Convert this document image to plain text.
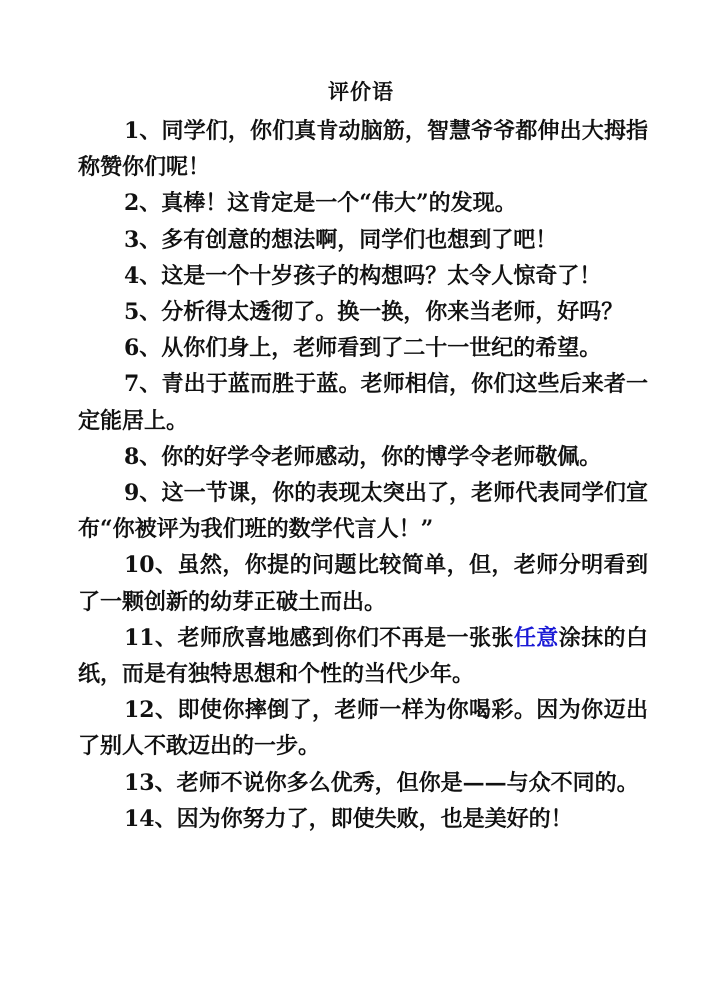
评价语

1、同学们，你们真肯动脑筋，智慧爷爷都伸出大拇指称赞你们呢！

2、真棒！这肯定是一个“伟大”的发现。

3、多有创意的想法啊，同学们也想到了吧！

4、这是一个十岁孩子的构想吗？太令人惊奇了！

5、分析得太透彻了。换一换，你来当老师，好吗？

6、从你们身上，老师看到了二十一世纪的希望。

7、青出于蓝而胜于蓝。老师相信，你们这些后来者一定能居上。

8、你的好学令老师感动，你的博学令老师敬佩。

9、这一节课，你的表现太突出了，老师代表同学们宣布“你被评为我们班的数学代言人！”

10、虽然，你提的问题比较简单，但，老师分明看到了一颗创新的幼芽正破土而出。

11、老师欣喜地感到你们不再是一张张任意涂抹的白纸，而是有独特思想和个性的当代少年。

12、即使你摔倒了，老师一样为你喝彩。因为你迈出了别人不敢迈出的一步。

13、老师不说你多么优秀，但你是——与众不同的。

14、因为你努力了，即使失败，也是美好的！
